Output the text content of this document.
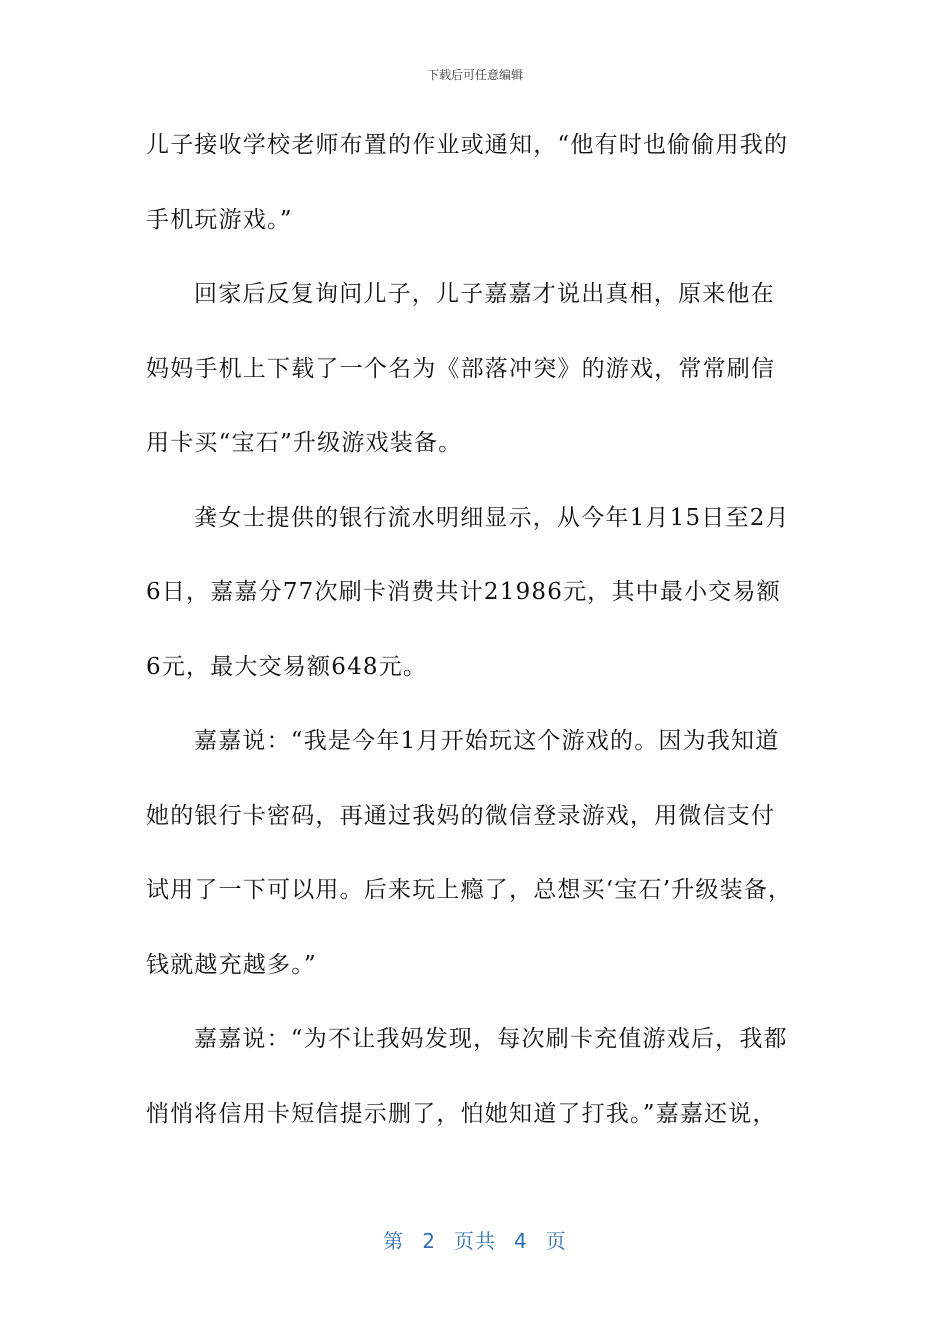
下载后可任意编辑

儿子接收学校老师布置的作业或通知，“他有时也偷偷用我的手机玩游戏。”

回家后反复询问儿子，儿子嘉嘉才说出真相，原来他在妈妈手机上下载了一个名为《部落冲突》的游戏，常常刷信用卡买“宝石”升级游戏装备。

龚女士提供的银行流水明细显示，从今年1月15日至2月6日，嘉嘉分77次刷卡消费共计21986元，其中最小交易额6元，最大交易额648元。

嘉嘉说：“我是今年1月开始玩这个游戏的。因为我知道她的银行卡密码，再通过我妈的微信登录游戏，用微信支付试用了一下可以用。后来玩上瘾了，总想买‘宝石’升级装备，钱就越充越多。”

嘉嘉说：“为不让我妈发现，每次刷卡充值游戏后，我都悄悄将信用卡短信提示删了，怕她知道了打我。”嘉嘉还说，

第 2 页共 4 页
